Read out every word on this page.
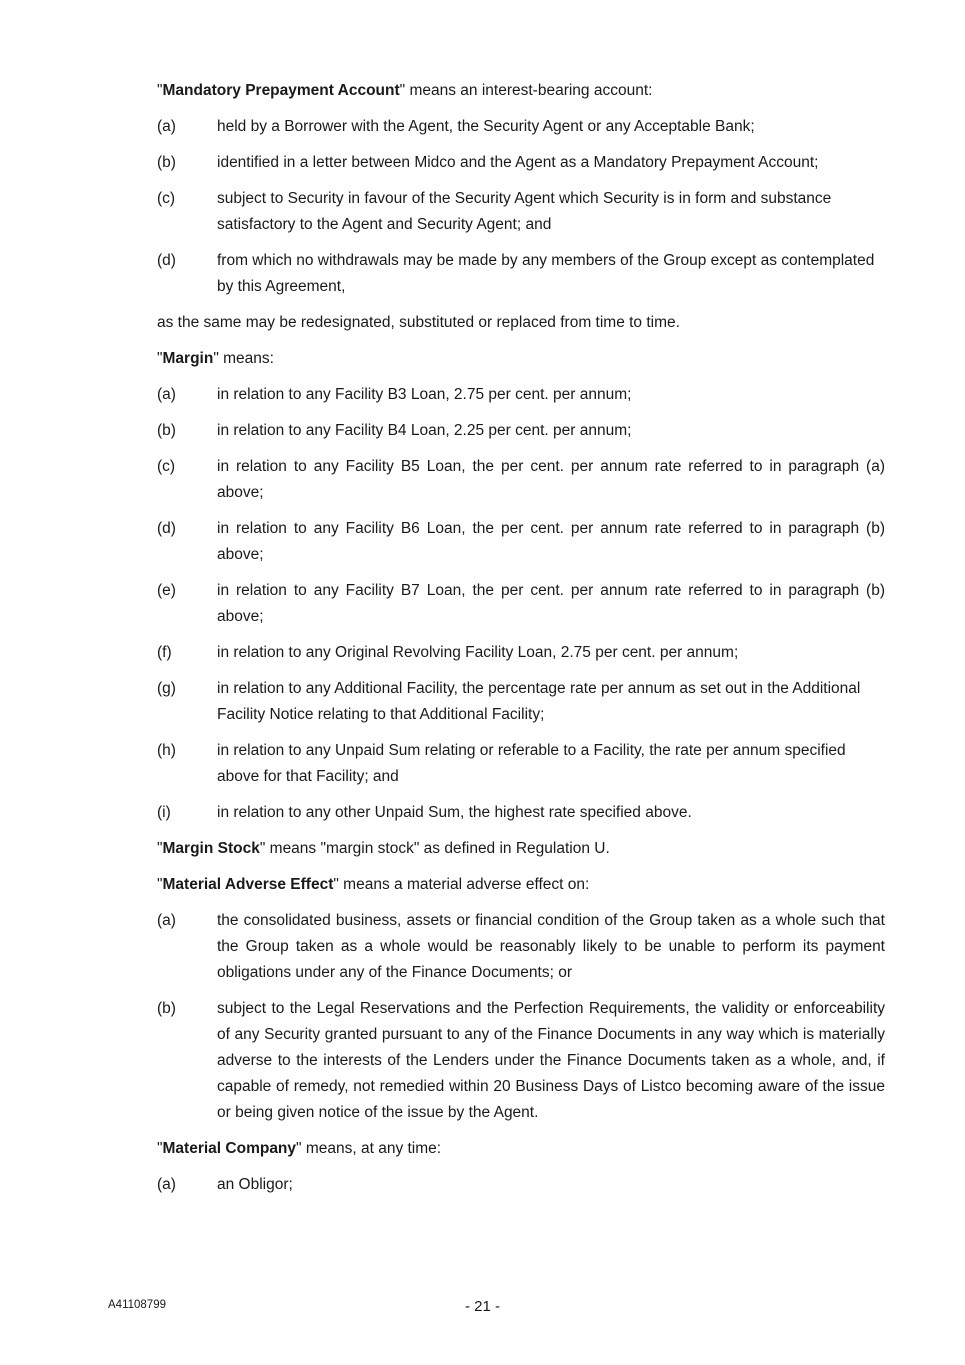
"Mandatory Prepayment Account" means an interest-bearing account:

(a)	held by a Borrower with the Agent, the Security Agent or any Acceptable Bank;
(b)	identified in a letter between Midco and the Agent as a Mandatory Prepayment Account;
(c)	subject to Security in favour of the Security Agent which Security is in form and substance satisfactory to the Agent and Security Agent; and
(d)	from which no withdrawals may be made by any members of the Group except as contemplated by this Agreement,

as the same may be redesignated, substituted or replaced from time to time.

"Margin" means:

(a)	in relation to any Facility B3 Loan, 2.75 per cent. per annum;
(b)	in relation to any Facility B4 Loan, 2.25 per cent. per annum;
(c)	in relation to any Facility B5 Loan, the per cent. per annum rate referred to in paragraph (a) above;
(d)	in relation to any Facility B6 Loan, the per cent. per annum rate referred to in paragraph (b) above;
(e)	in relation to any Facility B7 Loan, the per cent. per annum rate referred to in paragraph (b) above;
(f)	in relation to any Original Revolving Facility Loan, 2.75 per cent. per annum;
(g)	in relation to any Additional Facility, the percentage rate per annum as set out in the Additional Facility Notice relating to that Additional Facility;
(h)	in relation to any Unpaid Sum relating or referable to a Facility, the rate per annum specified above for that Facility; and
(i)	in relation to any other Unpaid Sum, the highest rate specified above.

"Margin Stock" means "margin stock" as defined in Regulation U.

"Material Adverse Effect" means a material adverse effect on:

(a)	the consolidated business, assets or financial condition of the Group taken as a whole such that the Group taken as a whole would be reasonably likely to be unable to perform its payment obligations under any of the Finance Documents; or
(b)	subject to the Legal Reservations and the Perfection Requirements, the validity or enforceability of any Security granted pursuant to any of the Finance Documents in any way which is materially adverse to the interests of the Lenders under the Finance Documents taken as a whole, and, if capable of remedy, not remedied within 20 Business Days of Listco becoming aware of the issue or being given notice of the issue by the Agent.

"Material Company" means, at any time:

(a)	an Obligor;
A41108799	- 21 -
